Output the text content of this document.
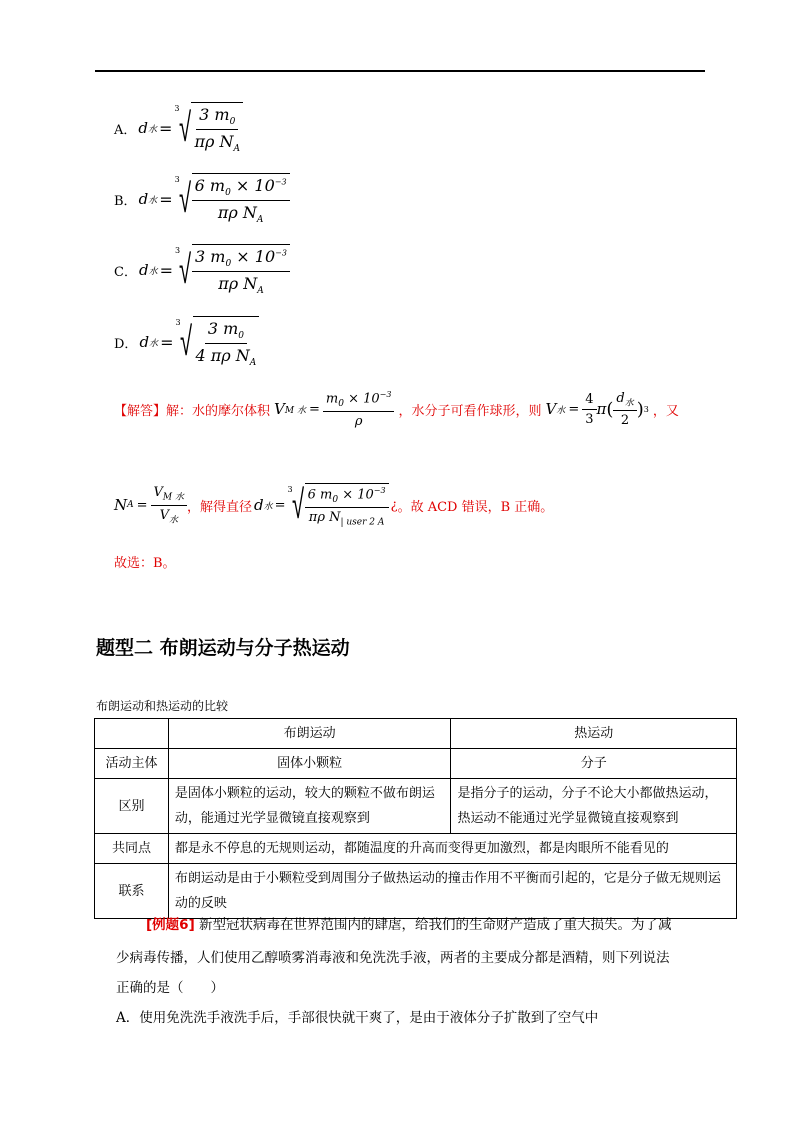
A． d 水 =
3
√ $\frac{3 m_0}{\pi\rho N_A}$
B． d 水 =
3
√ $\frac{6 m_0 \times 10^{-3}}{\pi\rho N_A}$
C． d 水 =
3
√ $\frac{3 m_0 \times 10^{-3}}{\pi\rho N_A}$
D． d 水 =
3
√ $\frac{3 m_0}{4 \pi\rho N_A}$
【解答】 解：水的摩尔体积 V M 水 = $\frac{m_0 \times 10^{-3}}{\rho}$ ，水分子可看作球形，则 V 水 = $\frac{4}{3}$ π ( $\frac{d_水}{2}$ ) 3 ，又
N $A = \frac{V_{M 水}}{V_水}$ ，解得直径 d 水 =
3
√ $\frac{6 m_0 \times 10^{-3}}{\pi\rho N_{| user 2 A}}$ ¿ 。故 ACD 错误，B 正确。
故选：B。
题型二 布朗运动与分子热运动
布朗运动和热运动的比较
	布朗运动	热运动
活动主体	固体小颗粒	分子
区别	是固体小颗粒的运动，较大的颗粒不做布朗运动，能通过光学显微镜直接观察到	是指分子的运动，分子不论大小都做热运动，热运动不能通过光学显微镜直接观察到
共同点	都是永不停息的无规则运动，都随温度的升高而变得更加激烈，都是肉眼所不能看见的	
联系	布朗运动是由于小颗粒受到周围分子做热运动的撞击作用不平衡而引起的，它是分子做无规则运动的反映	
[例题6] 新型冠状病毒在世界范围内的肆虐，给我们的生命财产造成了重大损失。为了减
少病毒传播，人们使用乙醇喷雾消毒液和免洗洗手液，两者的主要成分都是酒精，则下列说法
正确的是（　　）
A．使用免洗洗手液洗手后，手部很快就干爽了，是由于液体分子扩散到了空气中
